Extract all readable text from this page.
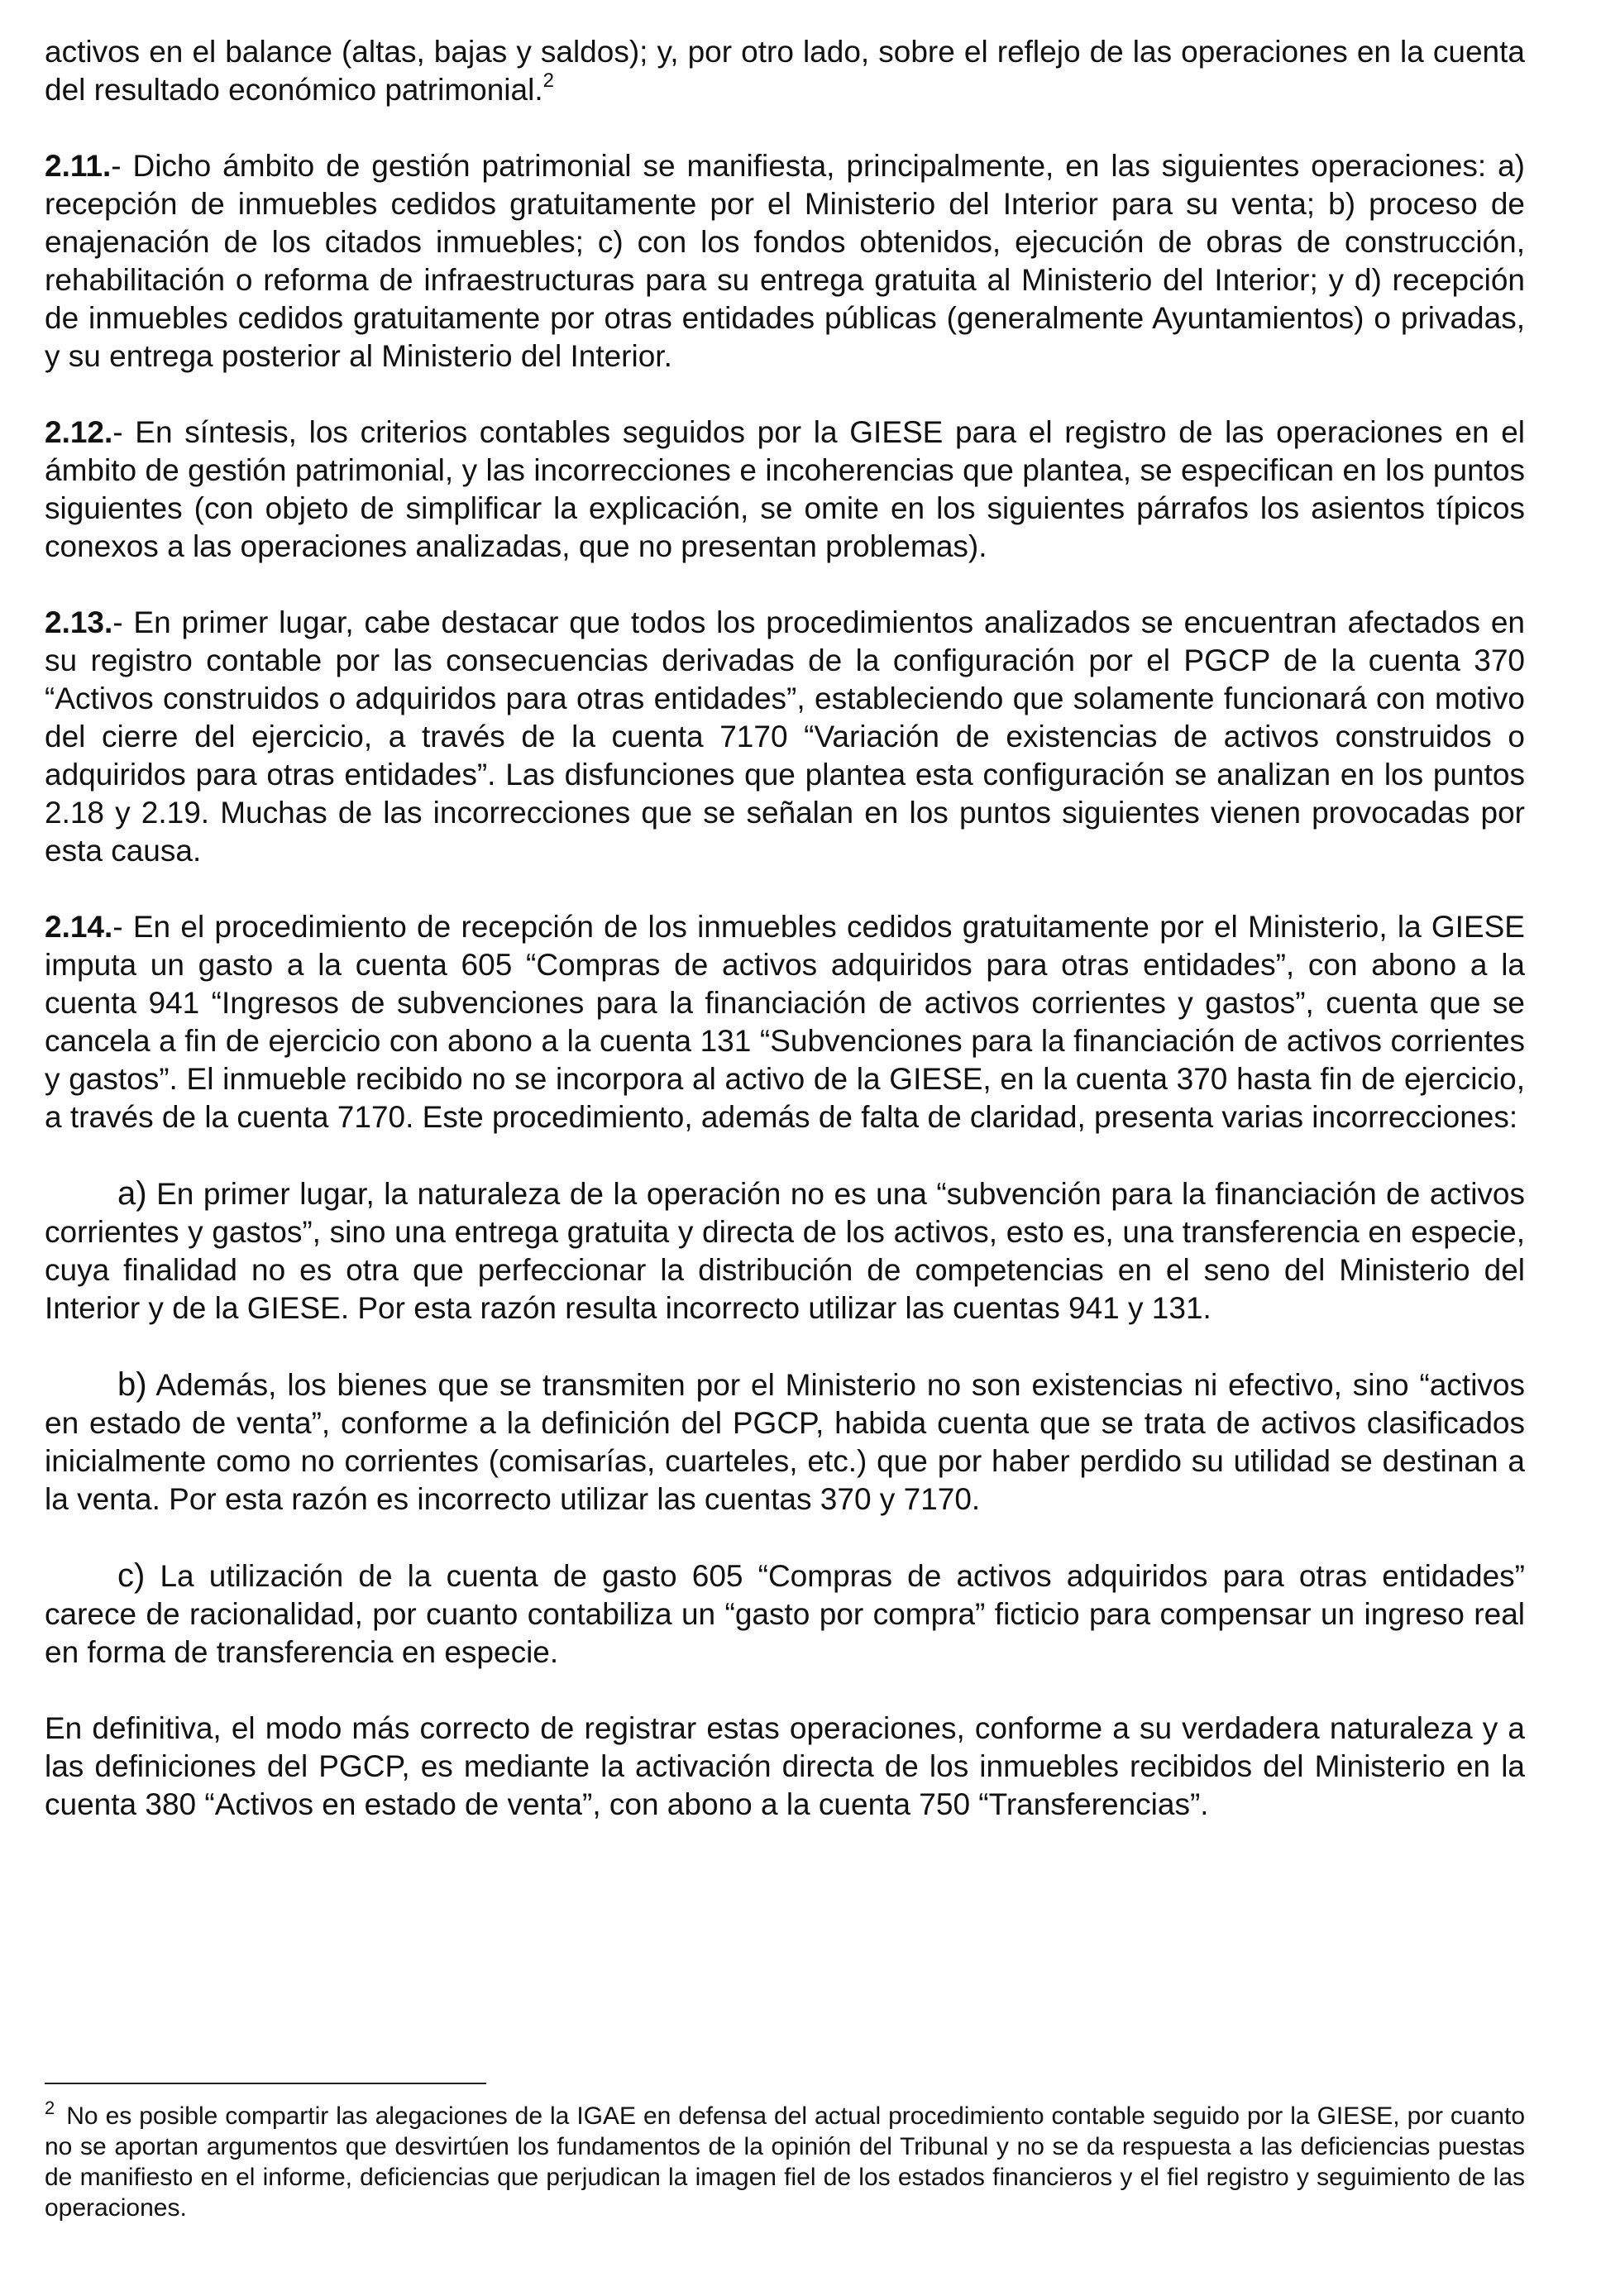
activos en el balance (altas, bajas y saldos); y, por otro lado, sobre el reflejo de las operaciones en la cuenta del resultado económico patrimonial.$^2$

2.11.- Dicho ámbito de gestión patrimonial se manifiesta, principalmente, en las siguientes operaciones: a) recepción de inmuebles cedidos gratuitamente por el Ministerio del Interior para su venta; b) proceso de enajenación de los citados inmuebles; c) con los fondos obtenidos, ejecución de obras de construcción, rehabilitación o reforma de infraestructuras para su entrega gratuita al Ministerio del Interior; y d) recepción de inmuebles cedidos gratuitamente por otras entidades públicas (generalmente Ayuntamientos) o privadas, y su entrega posterior al Ministerio del Interior.

2.12.- En síntesis, los criterios contables seguidos por la GIESE para el registro de las operaciones en el ámbito de gestión patrimonial, y las incorrecciones e incoherencias que plantea, se especifican en los puntos siguientes (con objeto de simplificar la explicación, se omite en los siguientes párrafos los asientos típicos conexos a las operaciones analizadas, que no presentan problemas).

2.13.- En primer lugar, cabe destacar que todos los procedimientos analizados se encuentran afectados en su registro contable por las consecuencias derivadas de la configuración por el PGCP de la cuenta 370 “Activos construidos o adquiridos para otras entidades”, estableciendo que solamente funcionará con motivo del cierre del ejercicio, a través de la cuenta 7170 “Variación de existencias de activos construidos o adquiridos para otras entidades”. Las disfunciones que plantea esta configuración se analizan en los puntos 2.18 y 2.19. Muchas de las incorrecciones que se señalan en los puntos siguientes vienen provocadas por esta causa.

2.14.- En el procedimiento de recepción de los inmuebles cedidos gratuitamente por el Ministerio, la GIESE imputa un gasto a la cuenta 605 “Compras de activos adquiridos para otras entidades”, con abono a la cuenta 941 “Ingresos de subvenciones para la financiación de activos corrientes y gastos”, cuenta que se cancela a fin de ejercicio con abono a la cuenta 131 “Subvenciones para la financiación de activos corrientes y gastos”. El inmueble recibido no se incorpora al activo de la GIESE, en la cuenta 370 hasta fin de ejercicio, a través de la cuenta 7170. Este procedimiento, además de falta de claridad, presenta varias incorrecciones:

a) En primer lugar, la naturaleza de la operación no es una “subvención para la financiación de activos corrientes y gastos”, sino una entrega gratuita y directa de los activos, esto es, una transferencia en especie, cuya finalidad no es otra que perfeccionar la distribución de competencias en el seno del Ministerio del Interior y de la GIESE. Por esta razón resulta incorrecto utilizar las cuentas 941 y 131.

b) Además, los bienes que se transmiten por el Ministerio no son existencias ni efectivo, sino “activos en estado de venta”, conforme a la definición del PGCP, habida cuenta que se trata de activos clasificados inicialmente como no corrientes (comisarías, cuarteles, etc.) que por haber perdido su utilidad se destinan a la venta. Por esta razón es incorrecto utilizar las cuentas 370 y 7170.

c) La utilización de la cuenta de gasto 605 “Compras de activos adquiridos para otras entidades” carece de racionalidad, por cuanto contabiliza un “gasto por compra” ficticio para compensar un ingreso real en forma de transferencia en especie.

En definitiva, el modo más correcto de registrar estas operaciones, conforme a su verdadera naturaleza y a las definiciones del PGCP, es mediante la activación directa de los inmuebles recibidos del Ministerio en la cuenta 380 “Activos en estado de venta”, con abono a la cuenta 750 “Transferencias”.

$^2$ No es posible compartir las alegaciones de la IGAE en defensa del actual procedimiento contable seguido por la GIESE, por cuanto no se aportan argumentos que desvirtúen los fundamentos de la opinión del Tribunal y no se da respuesta a las deficiencias puestas de manifiesto en el informe, deficiencias que perjudican la imagen fiel de los estados financieros y el fiel registro y seguimiento de las operaciones.
